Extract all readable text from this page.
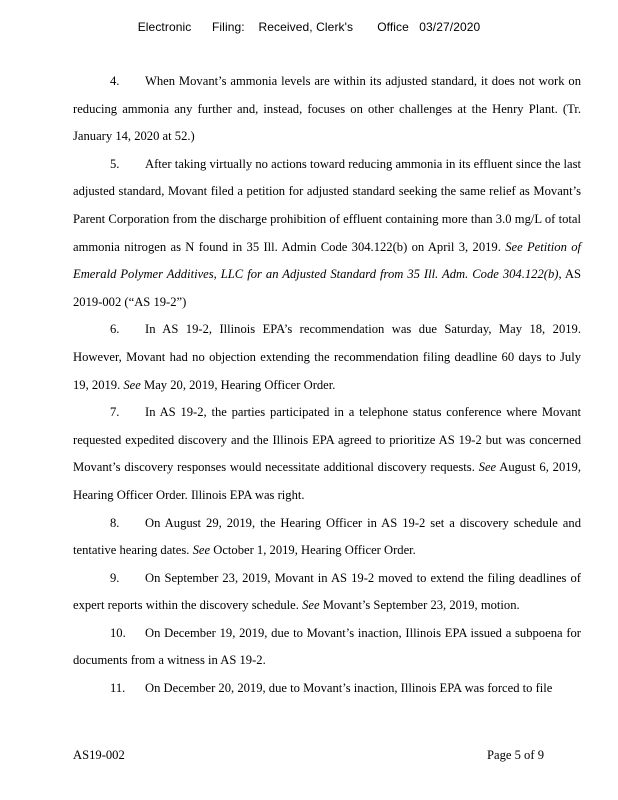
Electronic Filing: Received, Clerk's Office 03/27/2020

4. When Movant’s ammonia levels are within its adjusted standard, it does not work on reducing ammonia any further and, instead, focuses on other challenges at the Henry Plant. (Tr. January 14, 2020 at 52.)

5. After taking virtually no actions toward reducing ammonia in its effluent since the last adjusted standard, Movant filed a petition for adjusted standard seeking the same relief as Movant’s Parent Corporation from the discharge prohibition of effluent containing more than 3.0 mg/L of total ammonia nitrogen as N found in 35 Ill. Admin Code 304.122(b) on April 3, 2019. See Petition of Emerald Polymer Additives, LLC for an Adjusted Standard from 35 Ill. Adm. Code 304.122(b), AS 2019-002 (“AS 19-2”)

6. In AS 19-2, Illinois EPA’s recommendation was due Saturday, May 18, 2019. However, Movant had no objection extending the recommendation filing deadline 60 days to July 19, 2019. See May 20, 2019, Hearing Officer Order.

7. In AS 19-2, the parties participated in a telephone status conference where Movant requested expedited discovery and the Illinois EPA agreed to prioritize AS 19-2 but was concerned Movant’s discovery responses would necessitate additional discovery requests. See August 6, 2019, Hearing Officer Order. Illinois EPA was right.

8. On August 29, 2019, the Hearing Officer in AS 19-2 set a discovery schedule and tentative hearing dates. See October 1, 2019, Hearing Officer Order.

9. On September 23, 2019, Movant in AS 19-2 moved to extend the filing deadlines of expert reports within the discovery schedule. See Movant’s September 23, 2019, motion.

10. On December 19, 2019, due to Movant’s inaction, Illinois EPA issued a subpoena for documents from a witness in AS 19-2.

11. On December 20, 2019, due to Movant’s inaction, Illinois EPA was forced to file

AS19-002	Page 5 of 9
